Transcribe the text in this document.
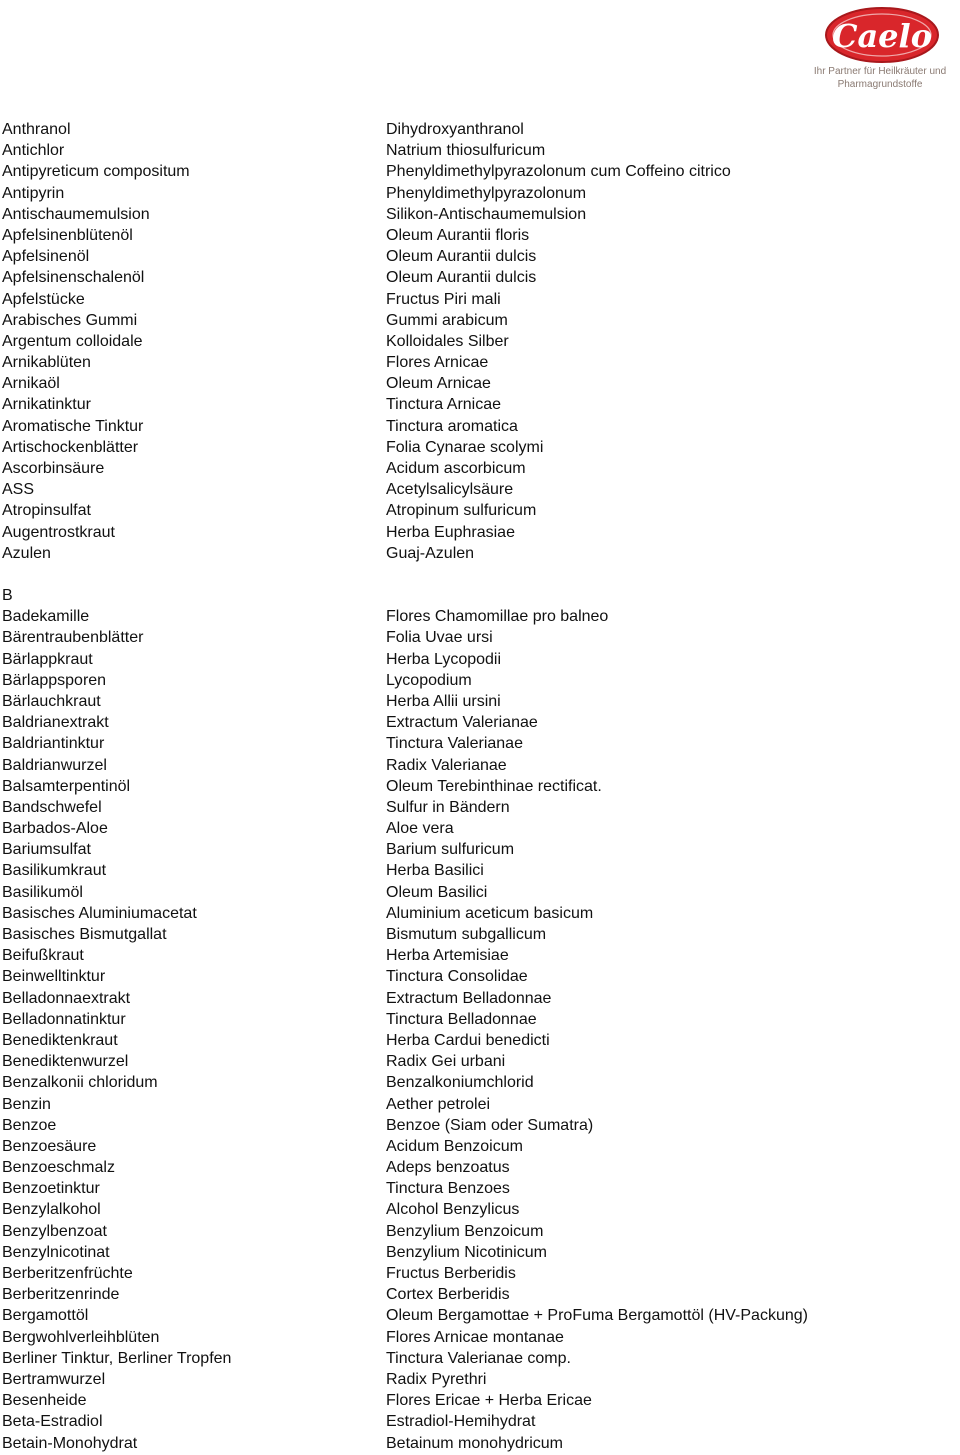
Caelo
Ihr Partner für Heilkräuter und
Pharmagrundstoffe
Anthranol	Dihydroxyanthranol
Antichlor	Natrium thiosulfuricum
Antipyreticum compositum	Phenyldimethylpyrazolonum cum Coffeino citrico
Antipyrin	Phenyldimethylpyrazolonum
Antischaumemulsion	Silikon-Antischaumemulsion
Apfelsinenblütenöl	Oleum Aurantii floris
Apfelsinenöl	Oleum Aurantii dulcis
Apfelsinenschalenöl	Oleum Aurantii dulcis
Apfelstücke	Fructus Piri mali
Arabisches Gummi	Gummi arabicum
Argentum colloidale	Kolloidales Silber
Arnikablüten	Flores Arnicae
Arnikaöl	Oleum Arnicae
Arnikatinktur	Tinctura Arnicae
Aromatische Tinktur	Tinctura aromatica
Artischockenblätter	Folia Cynarae scolymi
Ascorbinsäure	Acidum ascorbicum
ASS	Acetylsalicylsäure
Atropinsulfat	Atropinum sulfuricum
Augentrostkraut	Herba Euphrasiae
Azulen	Guaj-Azulen
B
Badekamille	Flores Chamomillae pro balneo
Bärentraubenblätter	Folia Uvae ursi
Bärlappkraut	Herba Lycopodii
Bärlappsporen	Lycopodium
Bärlauchkraut	Herba Allii ursini
Baldrianextrakt	Extractum Valerianae
Baldriantinktur	Tinctura Valerianae
Baldrianwurzel	Radix Valerianae
Balsamterpentinöl	Oleum Terebinthinae rectificat.
Bandschwefel	Sulfur in Bändern
Barbados-Aloe	Aloe vera
Bariumsulfat	Barium sulfuricum
Basilikumkraut	Herba Basilici
Basilikumöl	Oleum Basilici
Basisches Aluminiumacetat	Aluminium aceticum basicum
Basisches Bismutgallat	Bismutum subgallicum
Beifußkraut	Herba Artemisiae
Beinwelltinktur	Tinctura Consolidae
Belladonnaextrakt	Extractum Belladonnae
Belladonnatinktur	Tinctura Belladonnae
Benediktenkraut	Herba Cardui benedicti
Benediktenwurzel	Radix Gei urbani
Benzalkonii chloridum	Benzalkoniumchlorid
Benzin	Aether petrolei
Benzoe	Benzoe (Siam oder Sumatra)
Benzoesäure	Acidum Benzoicum
Benzoeschmalz	Adeps benzoatus
Benzoetinktur	Tinctura Benzoes
Benzylalkohol	Alcohol Benzylicus
Benzylbenzoat	Benzylium Benzoicum
Benzylnicotinat	Benzylium Nicotinicum
Berberitzenfrüchte	Fructus Berberidis
Berberitzenrinde	Cortex Berberidis
Bergamottöl	Oleum Bergamottae + ProFuma Bergamottöl (HV-Packung)
Bergwohlverleihblüten	Flores Arnicae montanae
Berliner Tinktur, Berliner Tropfen	Tinctura Valerianae comp.
Bertramwurzel	Radix Pyrethri
Besenheide	Flores Ericae + Herba Ericae
Beta-Estradiol	Estradiol-Hemihydrat
Betain-Monohydrat	Betainum monohydricum
